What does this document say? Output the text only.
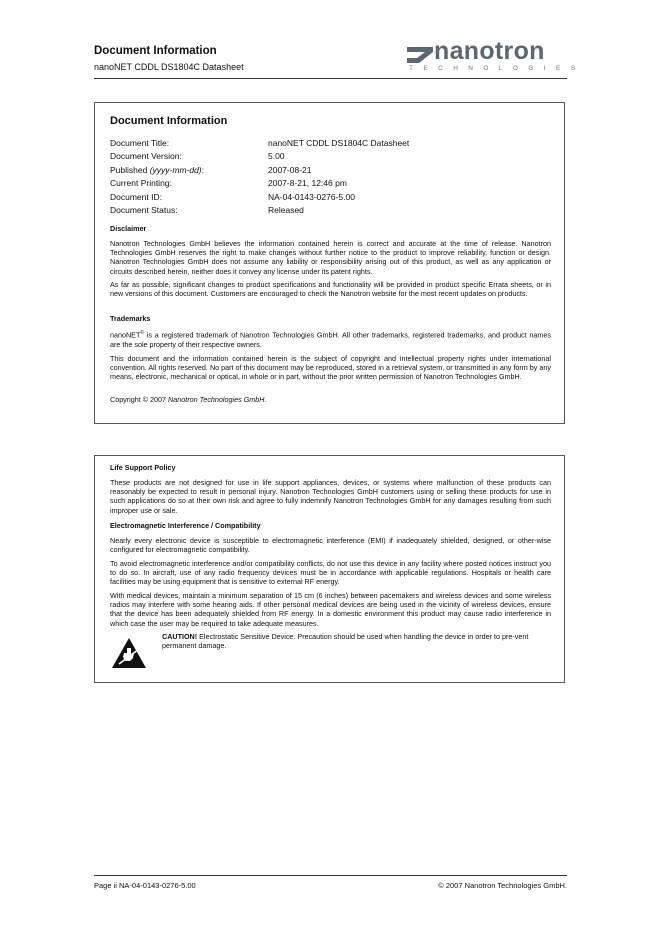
Document Information
nanoNET CDDL DS1804C Datasheet
nanotron
TECHNOLOGIES
Document Information
Document Title:	nanoNET CDDL DS1804C Datasheet
Document Version:	5.00
Published (yyyy-mm-dd):	2007-08-21
Current Printing:	2007-8-21, 12:46 pm
Document ID:	NA-04-0143-0276-5.00
Document Status:	Released
Disclaimer
Nanotron Technologies GmbH believes the information contained herein is correct and accurate at the time of release. Nanotron Technologies GmbH reserves the right to make changes without further notice to the product to improve reliability, function or design. Nanotron Technologies GmbH does not assume any liability or responsibility arising out of this product, as well as any application or circuits described herein, neither does it convey any license under its patent rights.
As far as possible, significant changes to product specifications and functionality will be provided in product specific Errata sheets, or in new versions of this document. Customers are encouraged to check the Nanotron website for the most recent updates on products.
Trademarks
nanoNET© is a registered trademark of Nanotron Technologies GmbH. All other trademarks, registered trademarks, and product names are the sole property of their respective owners.
This document and the information contained herein is the subject of copyright and intellectual property rights under international convention. All rights reserved. No part of this document may be reproduced, stored in a retrieval system, or transmitted in any form by any means, electronic, mechanical or optical, in whole or in part, without the prior written permission of Nanotron Technologies GmbH.
Copyright © 2007 Nanotron Technologies GmbH.
Life Support Policy
These products are not designed for use in life support appliances, devices, or systems where malfunction of these products can reasonably be expected to result in personal injury. Nanotron Technologies GmbH customers using or selling these products for use in such applications do so at their own risk and agree to fully indemnify Nanotron Technologies GmbH for any damages resulting from such improper use or sale.
Electromagnetic Interference / Compatibility
Nearly every electronic device is susceptible to electromagnetic interference (EMI) if inadequately shielded, designed, or other-wise configured for electromagnetic compatibility.
To avoid electromagnetic interference and/or compatibility conflicts, do not use this device in any facility where posted notices instruct you to do so. In aircraft, use of any radio frequency devices must be in accordance with applicable regulations. Hospitals or health care facilities may be using equipment that is sensitive to external RF energy.
With medical devices, maintain a minimum separation of 15 cm (6 inches) between pacemakers and wireless devices and some wireless radios may interfere with some hearing aids. If other personal medical devices are being used in the vicinity of wireless devices, ensure that the device has been adequately shielded from RF energy. In a domestic environment this product may cause radio interference in which case the user may be required to take adequate measures.
CAUTION! Electrostatic Sensitive Device. Precaution should be used when handling the device in order to pre-vent permanent damage.
Page ii NA-04-0143-0276-5.00	© 2007 Nanotron Technologies GmbH.
